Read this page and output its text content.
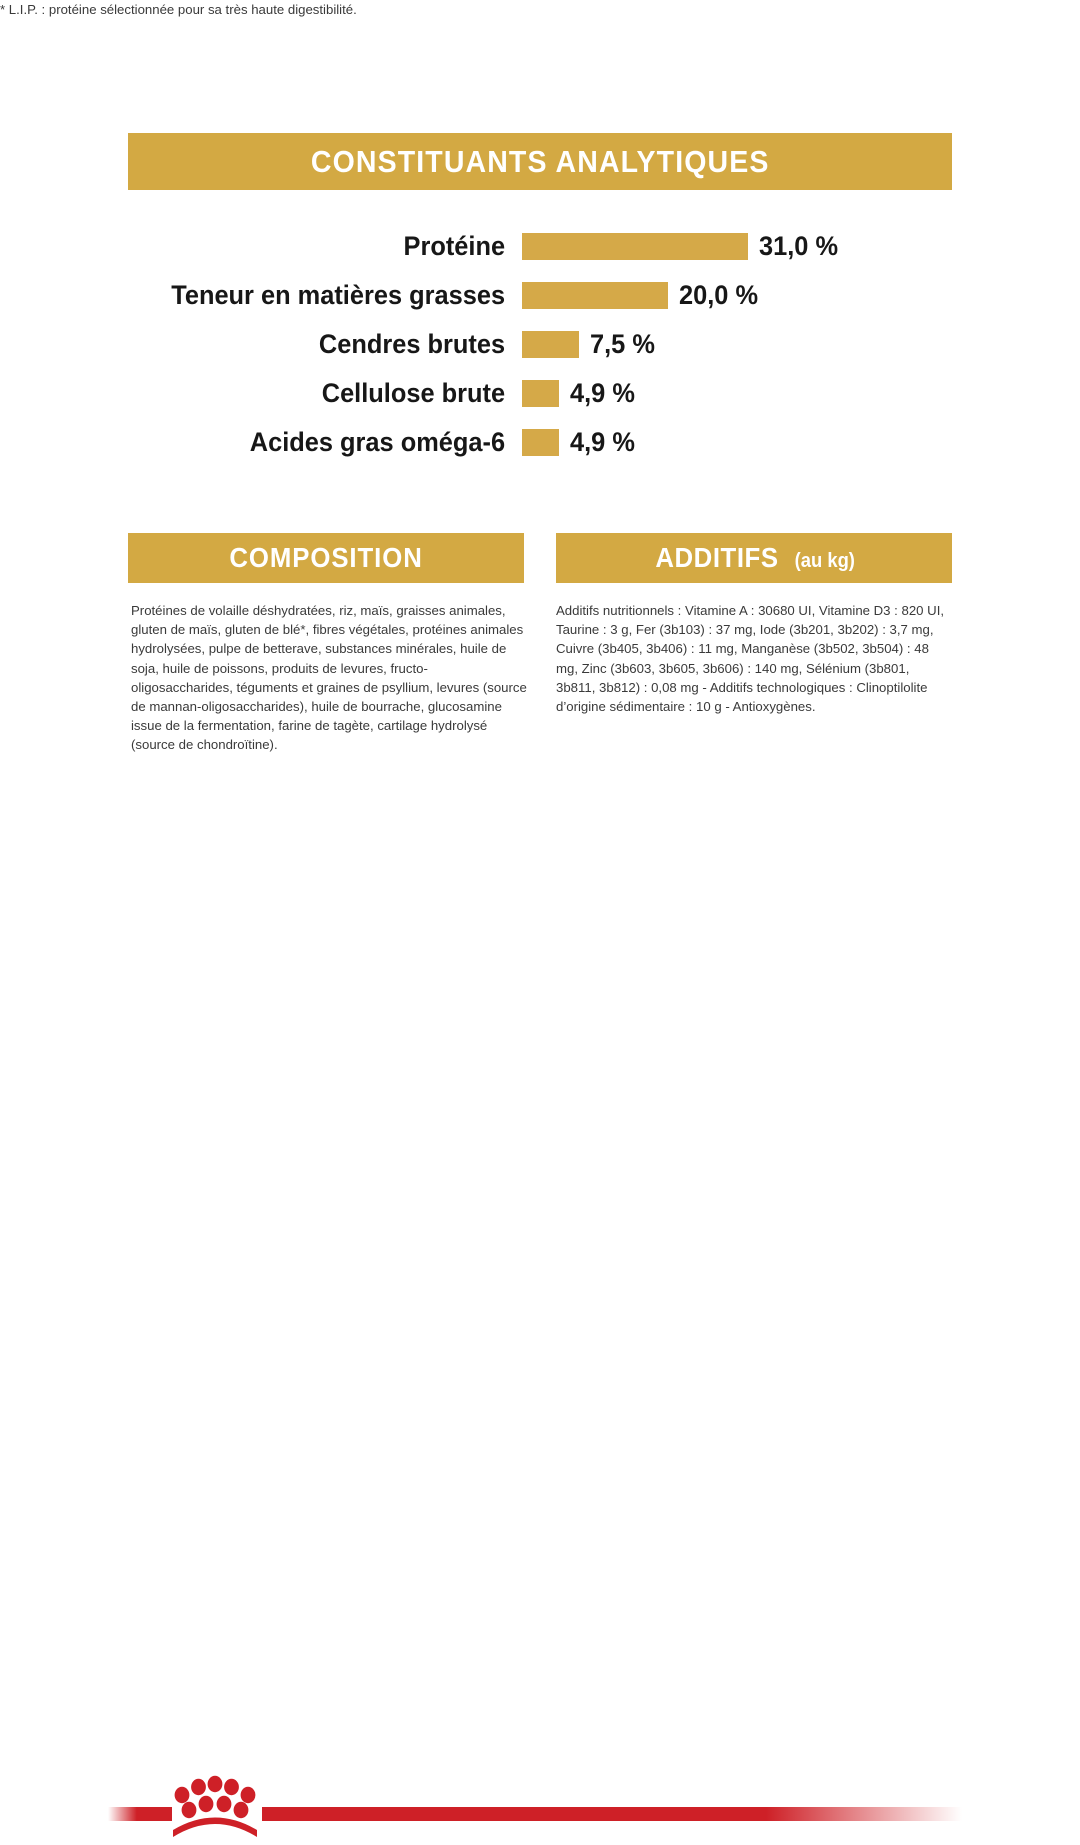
CONSTITUANTS ANALYTIQUES
Protéine	31,0 %
Teneur en matières grasses	20,0 %
Cendres brutes	7,5 %
Cellulose brute	4,9 %
Acides gras oméga-6	4,9 %
COMPOSITION	ADDITIFS (au kg)
Protéines de volaille déshydratées, riz, maïs, graisses animales, gluten de maïs, gluten de blé*, fibres végétales, protéines animales hydrolysées, pulpe de betterave, substances minérales, huile de soja, huile de poissons, produits de levures, fructo-oligosaccharides, téguments et graines de psyllium, levures (source de mannan-oligosaccharides), huile de bourrache, glucosamine issue de la fermentation, farine de tagète, cartilage hydrolysé (source de chondroïtine).
* L.I.P. : protéine sélectionnée pour sa très haute digestibilité.
Additifs nutritionnels : Vitamine A : 30680 UI, Vitamine D3 : 820 UI, Taurine : 3 g, Fer (3b103) : 37 mg, Iode (3b201, 3b202) : 3,7 mg, Cuivre (3b405, 3b406) : 11 mg, Manganèse (3b502, 3b504) : 48 mg, Zinc (3b603, 3b605, 3b606) : 140 mg, Sélénium (3b801, 3b811, 3b812) : 0,08 mg - Additifs technologiques : Clinoptilolite d’origine sédimentaire : 10 g - Antioxygènes.
